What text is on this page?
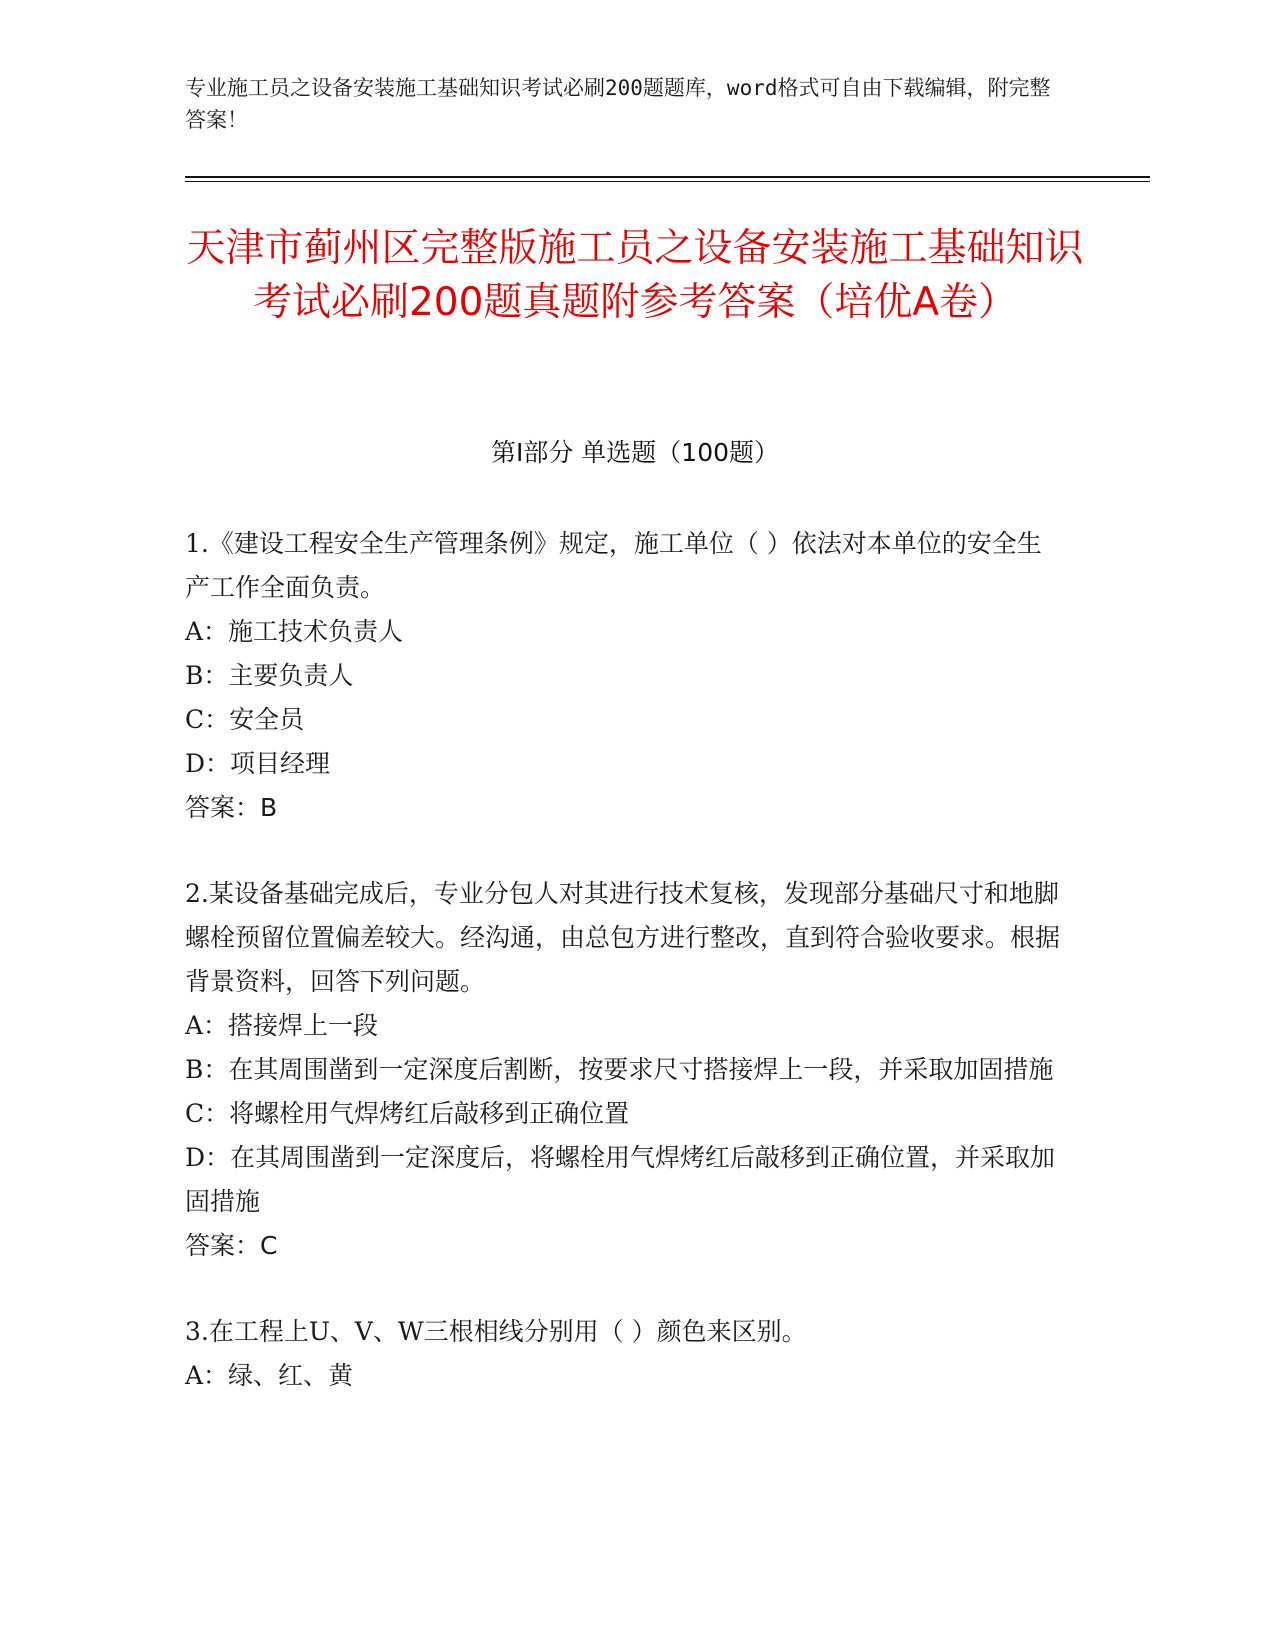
专业施工员之设备安装施工基础知识考试必刷200题题库，word格式可自由下载编辑，附完整答案！
天津市蓟州区完整版施工员之设备安装施工基础知识考试必刷200题真题附参考答案（培优A卷）
第I部分 单选题（100题）

1.《建设工程安全生产管理条例》规定，施工单位（ ）依法对本单位的安全生产工作全面负责。

A：施工技术负责人

B：主要负责人

C：安全员

D：项目经理

答案：B

2.某设备基础完成后，专业分包人对其进行技术复核，发现部分基础尺寸和地脚螺栓预留位置偏差较大。经沟通，由总包方进行整改，直到符合验收要求。根据背景资料，回答下列问题。

A：搭接焊上一段

B：在其周围凿到一定深度后割断，按要求尺寸搭接焊上一段，并采取加固措施

C：将螺栓用气焊烤红后敲移到正确位置

D：在其周围凿到一定深度后，将螺栓用气焊烤红后敲移到正确位置，并采取加固措施

答案：C

3.在工程上U、V、W三根相线分别用（ ）颜色来区别。

A：绿、红、黄
